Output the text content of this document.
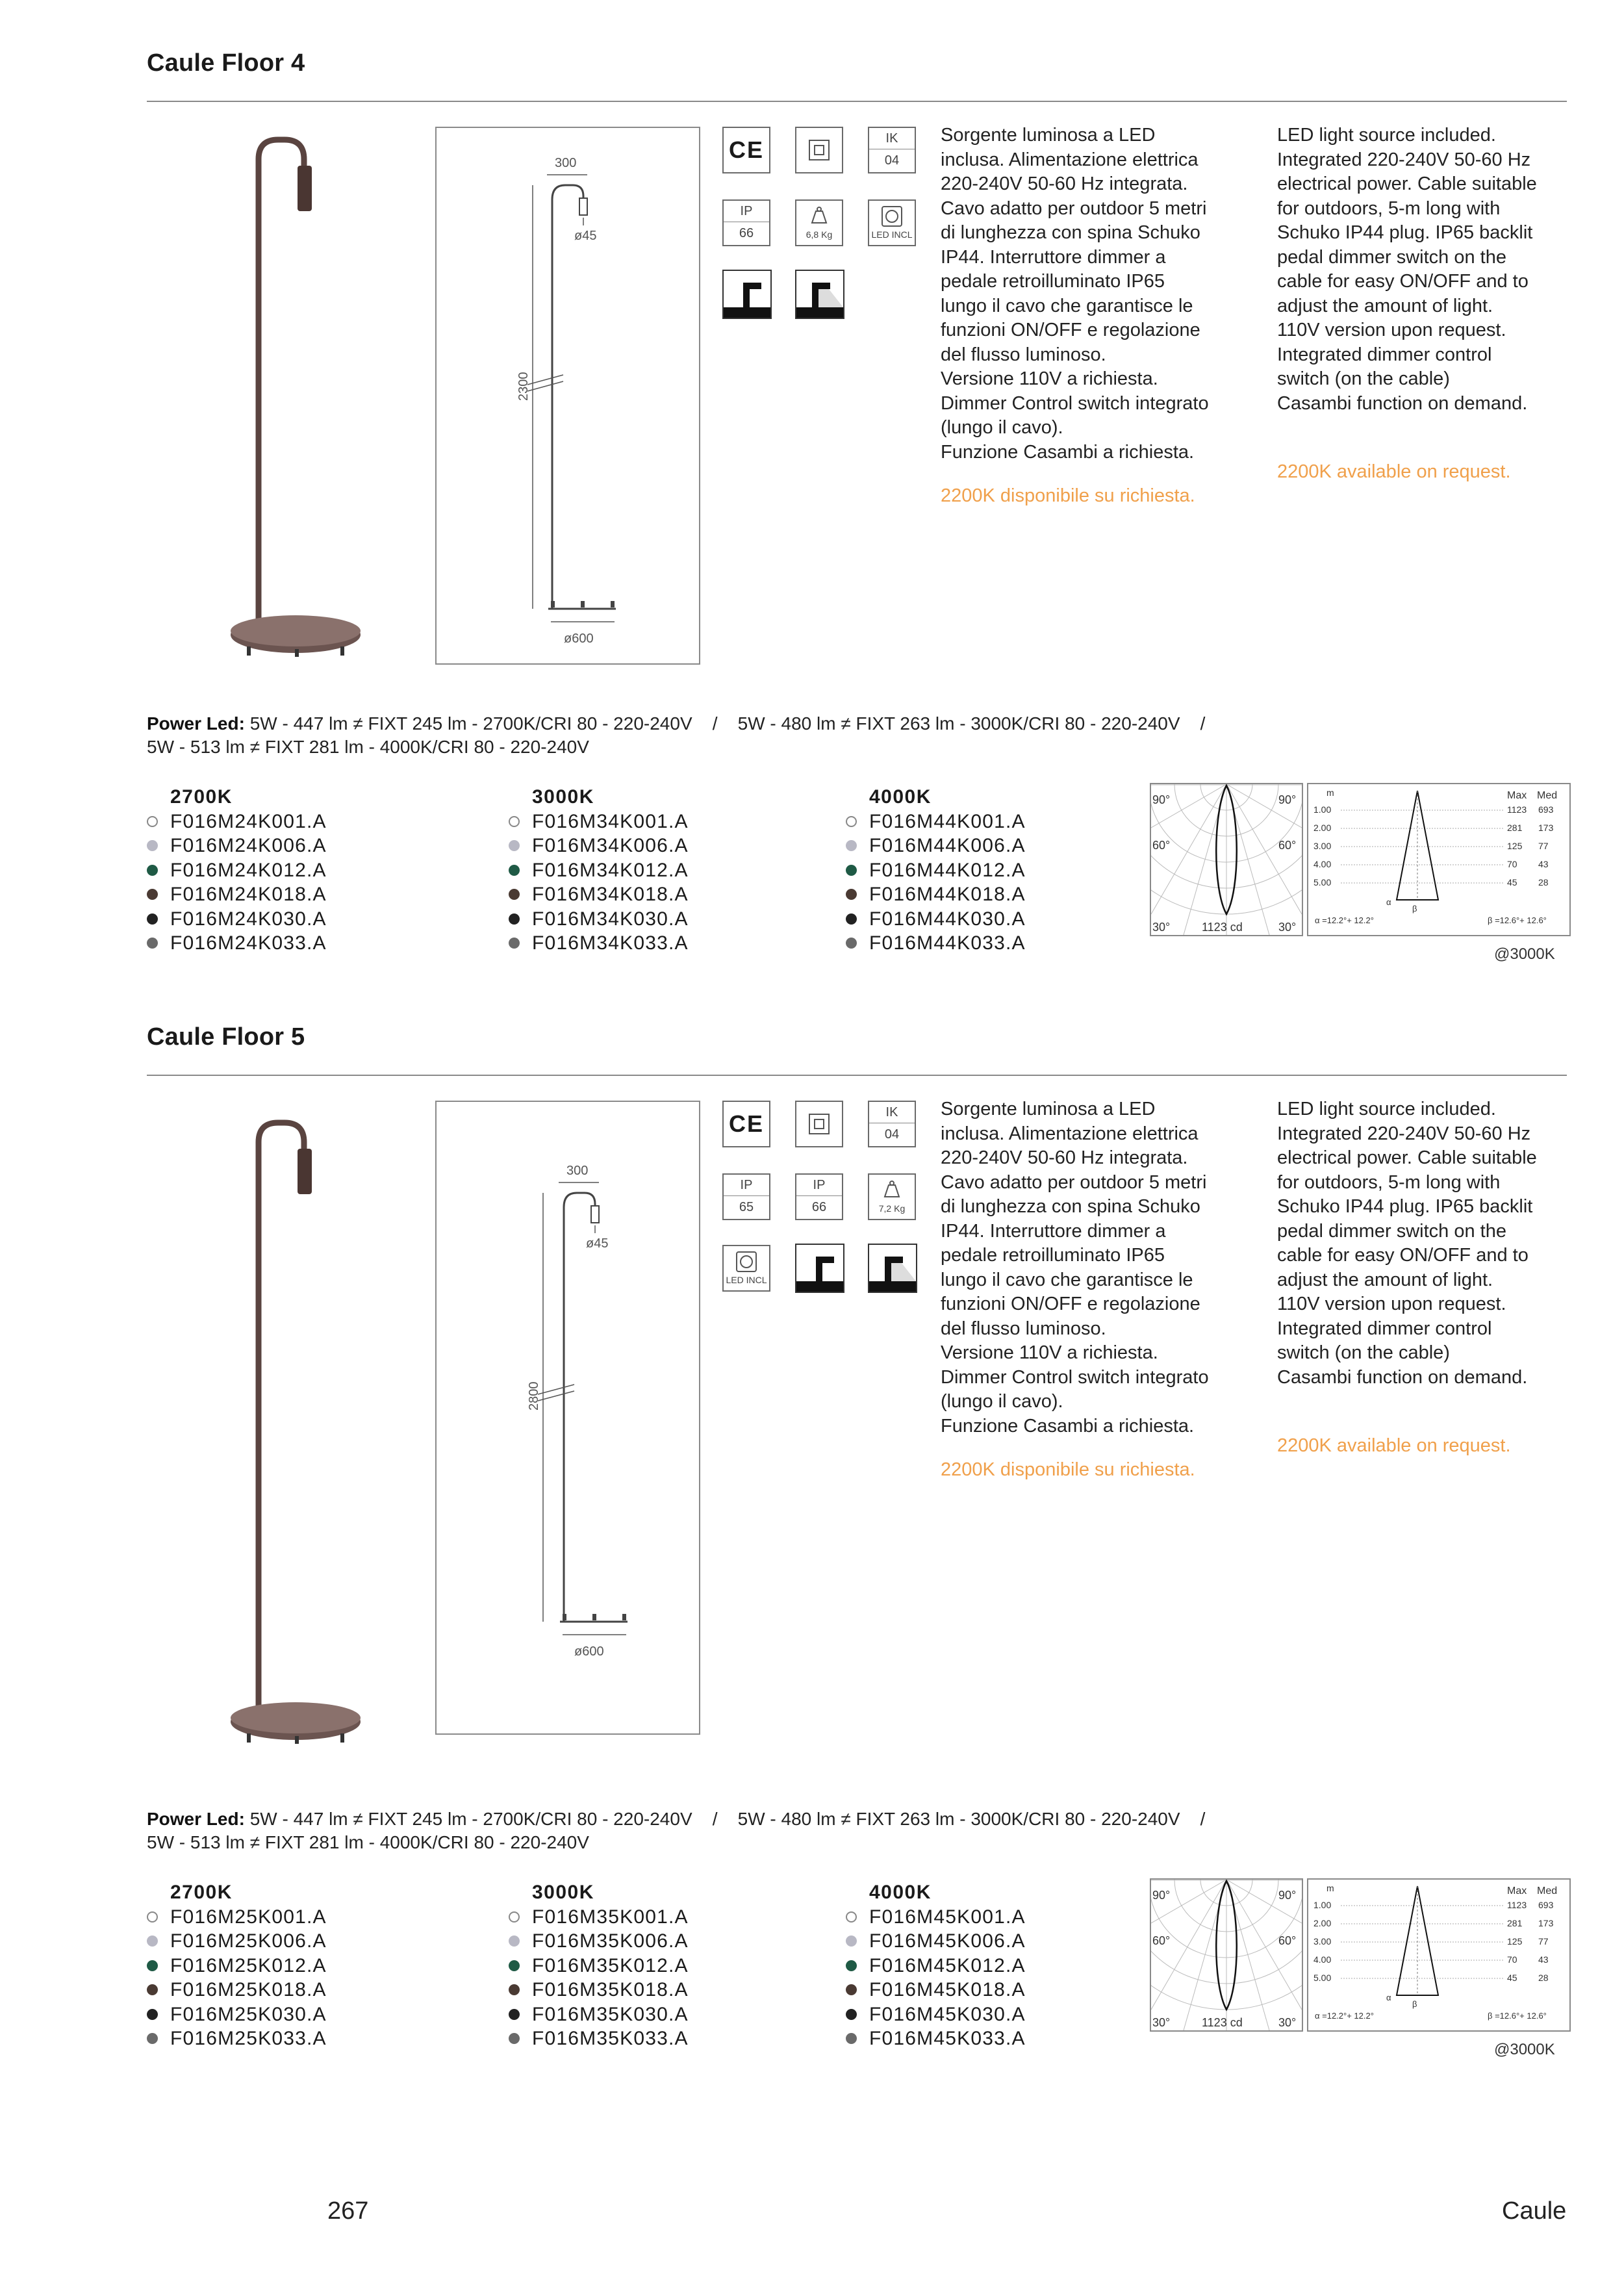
Caule Floor 4
300
ø45
2300
ø600
CE	IK
04
IP
66	6,8 Kg	LED INCL
Sorgente luminosa a LED
inclusa. Alimentazione elettrica
220-240V 50-60 Hz integrata.
Cavo adatto per outdoor 5 metri
di lunghezza con spina Schuko
IP44. Interruttore dimmer a
pedale retroilluminato IP65
lungo il cavo che garantisce le
funzioni ON/OFF e regolazione
del flusso luminoso.
Versione 110V a richiesta.
Dimmer Control switch integrato
(lungo il cavo).
Funzione Casambi a richiesta.
2200K disponibile su richiesta.
LED light source included.
Integrated 220-240V 50-60 Hz
electrical power. Cable suitable
for outdoors, 5-m long with
Schuko IP44 plug. IP65 backlit
pedal dimmer switch on the
cable for easy ON/OFF and to
adjust the amount of light.
110V version upon request.
Integrated dimmer control
switch (on the cable)
Casambi function on demand.
2200K available on request.
Power Led: 5W - 447 lm ≠ FIXT 245 lm - 2700K/CRI 80 - 220-240V    /    5W - 480 lm ≠ FIXT 263 lm - 3000K/CRI 80 - 220-240V    /
5W - 513 lm ≠ FIXT 281 lm - 4000K/CRI 80 - 220-240V
2700K
F016M24K001.A
F016M24K006.A
F016M24K012.A
F016M24K018.A
F016M24K030.A
F016M24K033.A
3000K
F016M34K001.A
F016M34K006.A
F016M34K012.A
F016M34K018.A
F016M34K030.A
F016M34K033.A
4000K
F016M44K001.A
F016M44K006.A
F016M44K012.A
F016M44K018.A
F016M44K030.A
F016M44K033.A
90°	90°
60°	60°
30°	30°
1123 cd
m	Max Med
1.00	1123 693
2.00	281 173
3.00	125 77
4.00	70 43
5.00	45 28
α
β
α =12.2°+ 12.2°	β =12.6°+ 12.6°
@3000K
Caule Floor 5
300
ø45
2800
ø600
CE	IK
04
IP
65
IP
66	7,2 Kg
LED INCL
Sorgente luminosa a LED
inclusa. Alimentazione elettrica
220-240V 50-60 Hz integrata.
Cavo adatto per outdoor 5 metri
di lunghezza con spina Schuko
IP44. Interruttore dimmer a
pedale retroilluminato IP65
lungo il cavo che garantisce le
funzioni ON/OFF e regolazione
del flusso luminoso.
Versione 110V a richiesta.
Dimmer Control switch integrato
(lungo il cavo).
Funzione Casambi a richiesta.
2200K disponibile su richiesta.
LED light source included.
Integrated 220-240V 50-60 Hz
electrical power. Cable suitable
for outdoors, 5-m long with
Schuko IP44 plug. IP65 backlit
pedal dimmer switch on the
cable for easy ON/OFF and to
adjust the amount of light.
110V version upon request.
Integrated dimmer control
switch (on the cable)
Casambi function on demand.
2200K available on request.
Power Led: 5W - 447 lm ≠ FIXT 245 lm - 2700K/CRI 80 - 220-240V    /    5W - 480 lm ≠ FIXT 263 lm - 3000K/CRI 80 - 220-240V    /
5W - 513 lm ≠ FIXT 281 lm - 4000K/CRI 80 - 220-240V
2700K
F016M25K001.A
F016M25K006.A
F016M25K012.A
F016M25K018.A
F016M25K030.A
F016M25K033.A
3000K
F016M35K001.A
F016M35K006.A
F016M35K012.A
F016M35K018.A
F016M35K030.A
F016M35K033.A
4000K
F016M45K001.A
F016M45K006.A
F016M45K012.A
F016M45K018.A
F016M45K030.A
F016M45K033.A
90°	90°
60°	60°
30°	30°
1123 cd
m	Max Med
1.00	1123 693
2.00	281 173
3.00	125 77
4.00	70 43
5.00	45 28
α
β
α =12.2°+ 12.2°	β =12.6°+ 12.6°
@3000K
267	Caule
